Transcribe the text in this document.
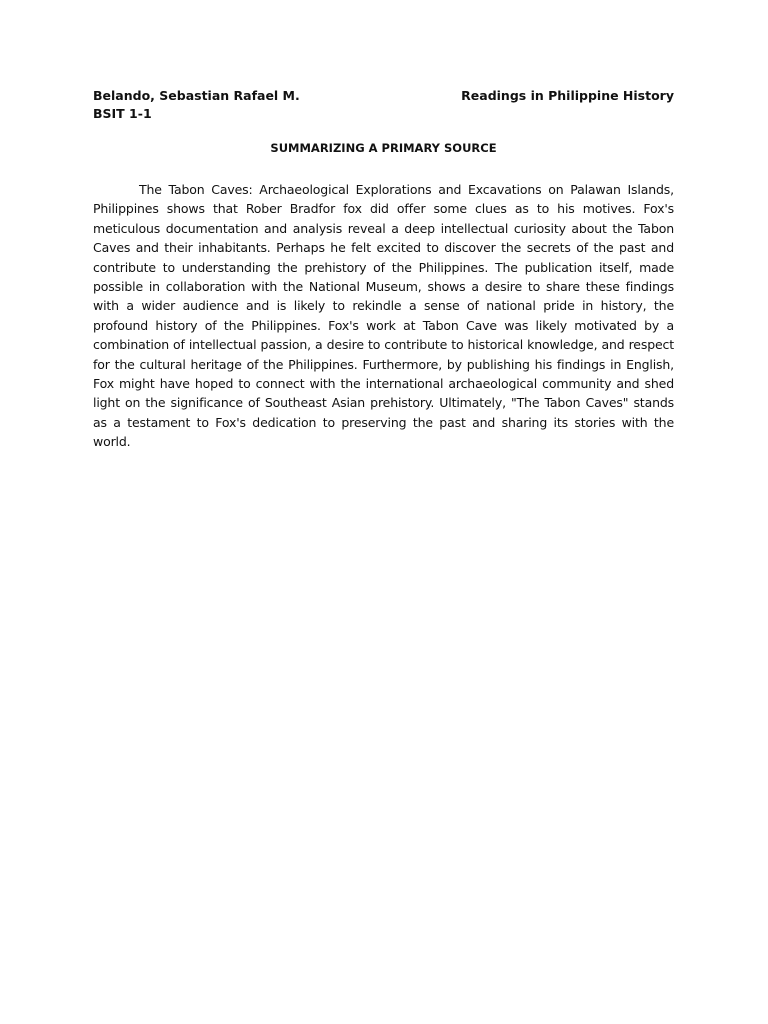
Belando, Sebastian Rafael M.	Readings in Philippine History
BSIT 1-1
SUMMARIZING A PRIMARY SOURCE

The Tabon Caves: Archaeological Explorations and Excavations on Palawan Islands, Philippines shows that Rober Bradfor fox did offer some clues as to his motives. Fox's meticulous documentation and analysis reveal a deep intellectual curiosity about the Tabon Caves and their inhabitants. Perhaps he felt excited to discover the secrets of the past and contribute to understanding the prehistory of the Philippines. The publication itself, made possible in collaboration with the National Museum, shows a desire to share these findings with a wider audience and is likely to rekindle a sense of national pride in history, the profound history of the Philippines. Fox's work at Tabon Cave was likely motivated by a combination of intellectual passion, a desire to contribute to historical knowledge, and respect for the cultural heritage of the Philippines. Furthermore, by publishing his findings in English, Fox might have hoped to connect with the international archaeological community and shed light on the significance of Southeast Asian prehistory. Ultimately, "The Tabon Caves" stands as a testament to Fox's dedication to preserving the past and sharing its stories with the world.
